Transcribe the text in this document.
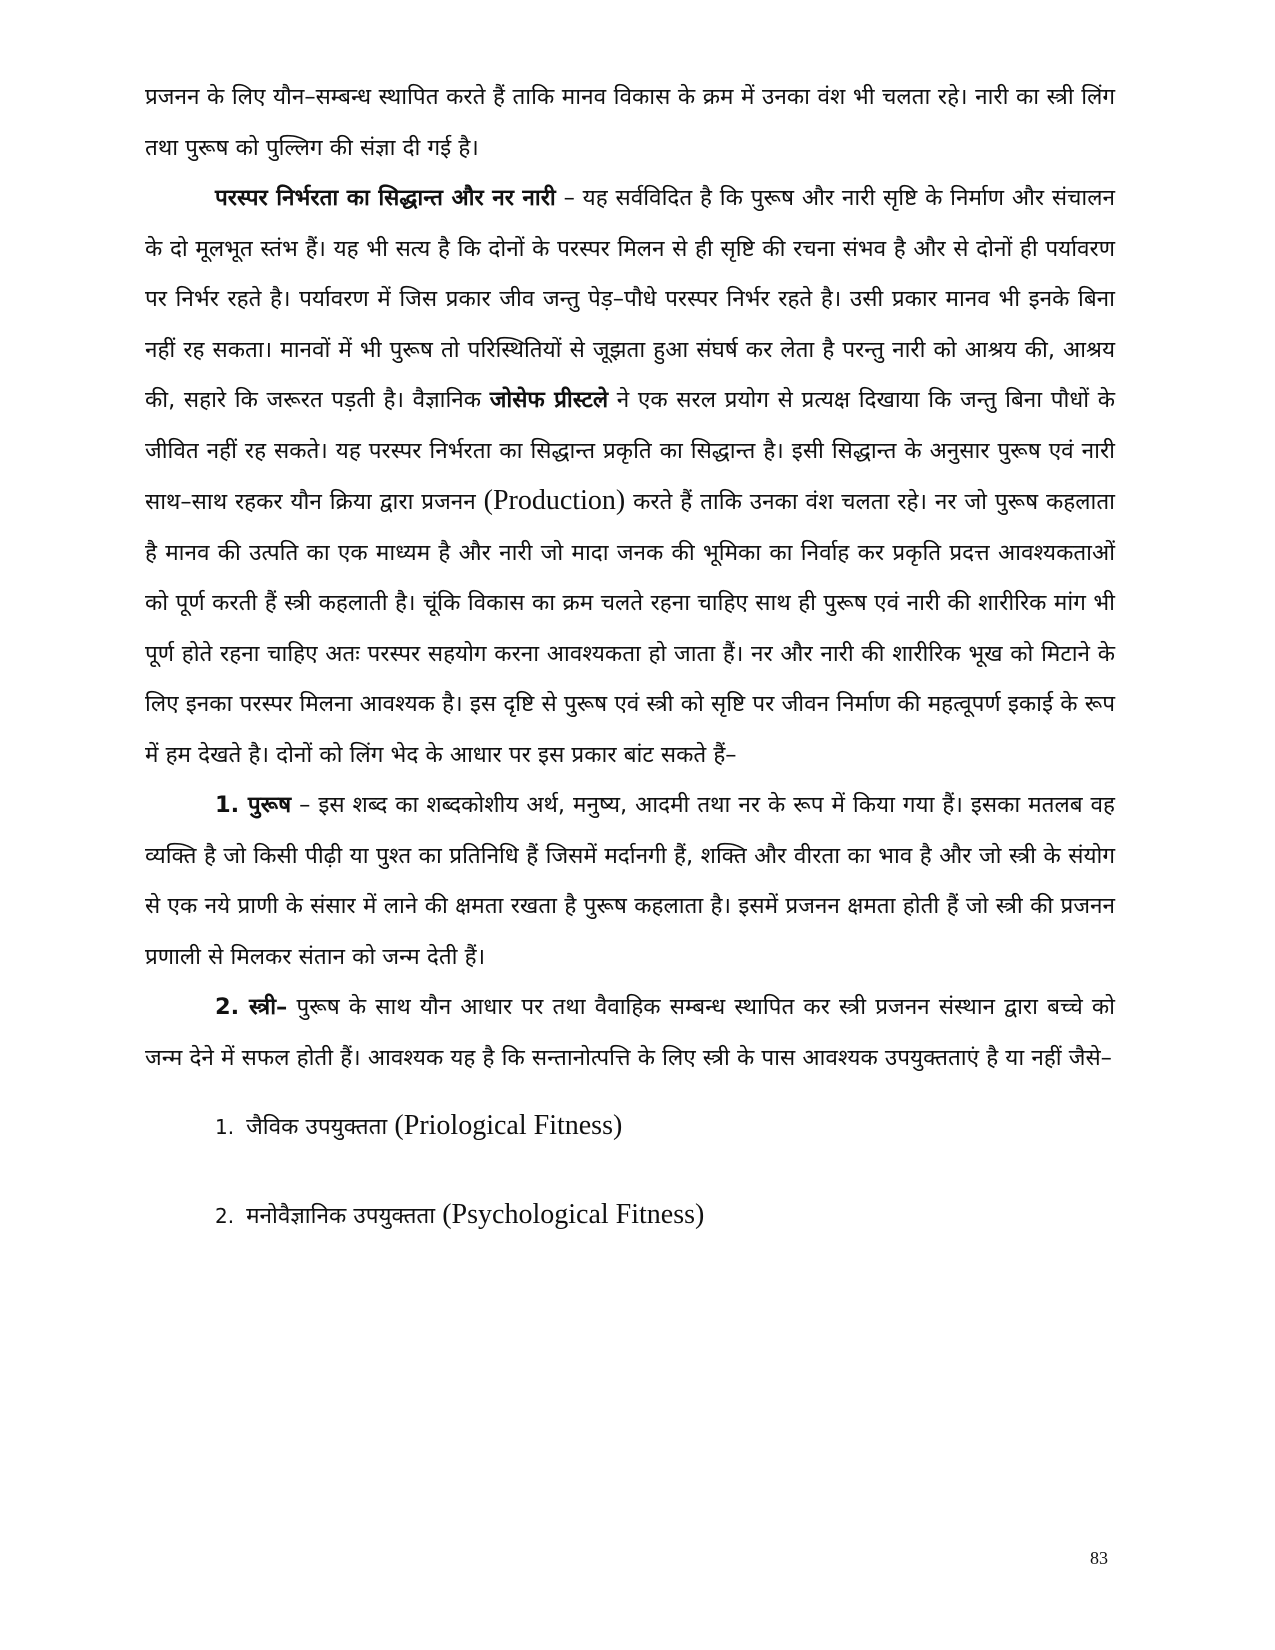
प्रजनन के लिए यौन–सम्बन्ध स्थापित करते हैं ताकि मानव विकास के क्रम में उनका वंश भी चलता रहे। नारी का स्त्री लिंग तथा पुरूष को पुल्लिग की संज्ञा दी गई है।

परस्पर निर्भरता का सिद्धान्त और नर नारी – यह सर्वविदित है कि पुरूष और नारी सृष्टि के निर्माण और संचालन के दो मूलभूत स्तंभ हैं। यह भी सत्य है कि दोनों के परस्पर मिलन से ही सृष्टि की रचना संभव है और से दोनों ही पर्यावरण पर निर्भर रहते है। पर्यावरण में जिस प्रकार जीव जन्तु पेड़–पौधे परस्पर निर्भर रहते है। उसी प्रकार मानव भी इनके बिना नहीं रह सकता। मानवों में भी पुरूष तो परिस्थितियों से जूझता हुआ संघर्ष कर लेता है परन्तु नारी को आश्रय की, आश्रय की, सहारे कि जरूरत पड़ती है। वैज्ञानिक जोसेफ प्रीस्टले ने एक सरल प्रयोग से प्रत्यक्ष दिखाया कि जन्तु बिना पौधों के जीवित नहीं रह सकते। यह परस्पर निर्भरता का सिद्धान्त प्रकृति का सिद्धान्त है। इसी सिद्धान्त के अनुसार पुरूष एवं नारी साथ–साथ रहकर यौन क्रिया द्वारा प्रजनन (Production) करते हैं ताकि उनका वंश चलता रहे। नर जो पुरूष कहलाता है मानव की उत्पति का एक माध्यम है और नारी जो मादा जनक की भूमिका का निर्वाह कर प्रकृति प्रदत्त आवश्यकताओं को पूर्ण करती हैं स्त्री कहलाती है। चूंकि विकास का क्रम चलते रहना चाहिए साथ ही पुरूष एवं नारी की शारीरिक मांग भी पूर्ण होते रहना चाहिए अतः परस्पर सहयोग करना आवश्यकता हो जाता हैं। नर और नारी की शारीरिक भूख को मिटाने के लिए इनका परस्पर मिलना आवश्यक है। इस दृष्टि से पुरूष एवं स्त्री को सृष्टि पर जीवन निर्माण की महत्वूपर्ण इकाई के रूप में हम देखते है। दोनों को लिंग भेद के आधार पर इस प्रकार बांट सकते हैं–

1. पुरूष – इस शब्द का शब्दकोशीय अर्थ, मनुष्य, आदमी तथा नर के रूप में किया गया हैं। इसका मतलब वह व्यक्ति है जो किसी पीढ़ी या पुश्त का प्रतिनिधि हैं जिसमें मर्दानगी हैं, शक्ति और वीरता का भाव है और जो स्त्री के संयोग से एक नये प्राणी के संसार में लाने की क्षमता रखता है पुरूष कहलाता है। इसमें प्रजनन क्षमता होती हैं जो स्त्री की प्रजनन प्रणाली से मिलकर संतान को जन्म देती हैं।

2. स्त्री– पुरूष के साथ यौन आधार पर तथा वैवाहिक सम्बन्ध स्थापित कर स्त्री प्रजनन संस्थान द्वारा बच्चे को जन्म देने में सफल होती हैं। आवश्यक यह है कि सन्तानोत्पत्ति के लिए स्त्री के पास आवश्यक उपयुक्तताएं है या नहीं जैसे–

1. जैविक उपयुक्तता (Priological Fitness)
2. मनोवैज्ञानिक उपयुक्तता (Psychological Fitness)
83
